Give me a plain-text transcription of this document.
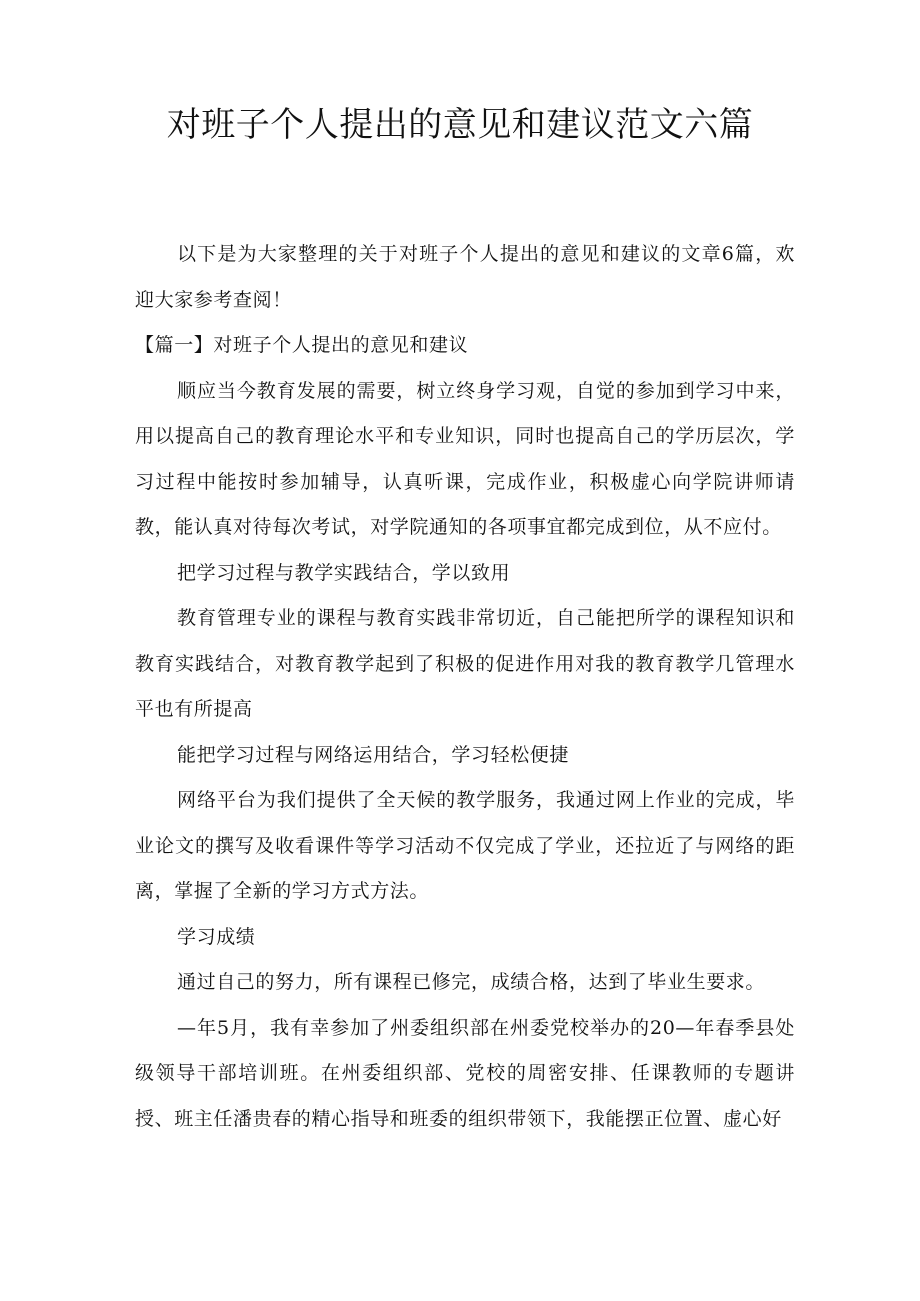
对班子个人提出的意见和建议范文六篇

以下是为大家整理的关于对班子个人提出的意见和建议的文章6篇，欢迎大家参考查阅！

【篇一】对班子个人提出的意见和建议

顺应当今教育发展的需要，树立终身学习观，自觉的参加到学习中来，用以提高自己的教育理论水平和专业知识，同时也提高自己的学历层次，学习过程中能按时参加辅导，认真听课，完成作业，积极虚心向学院讲师请教，能认真对待每次考试，对学院通知的各项事宜都完成到位，从不应付。

把学习过程与教学实践结合，学以致用

教育管理专业的课程与教育实践非常切近，自己能把所学的课程知识和教育实践结合，对教育教学起到了积极的促进作用对我的教育教学几管理水平也有所提高

能把学习过程与网络运用结合，学习轻松便捷

网络平台为我们提供了全天候的教学服务，我通过网上作业的完成，毕业论文的撰写及收看课件等学习活动不仅完成了学业，还拉近了与网络的距离，掌握了全新的学习方式方法。

学习成绩

通过自己的努力，所有课程已修完，成绩合格，达到了毕业生要求。

—年5月，我有幸参加了州委组织部在州委党校举办的20—年春季县处级领导干部培训班。在州委组织部、党校的周密安排、任课教师的专题讲授、班主任潘贵春的精心指导和班委的组织带领下，我能摆正位置、虚心好
